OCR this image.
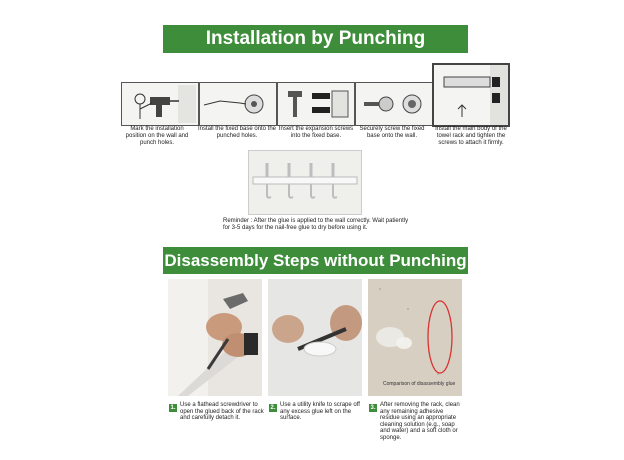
Installation by Punching
Mark the installation position on the wall and punch holes.
Install the fixed base onto the punched holes.
Insert the expansion screws into the fixed base.
Securely screw the fixed base onto the wall.
Install the main body of the towel rack and tighten the screws to attach it firmly.
Reminder : After the glue is applied to the wall correctly. Wait patiently for 3-5 days for the nail-free glue to dry before using it.
Disassembly Steps without Punching
Comparison of disassembly glue
1. Use a flathead screwdriver to open the glued back of the rack and carefully detach it.
2. Use a utility knife to scrape off any excess glue left on the surface.
3. After removing the rack, clean any remaining adhesive residue using an appropriate cleaning solution (e.g., soap and water) and a soft cloth or sponge.
